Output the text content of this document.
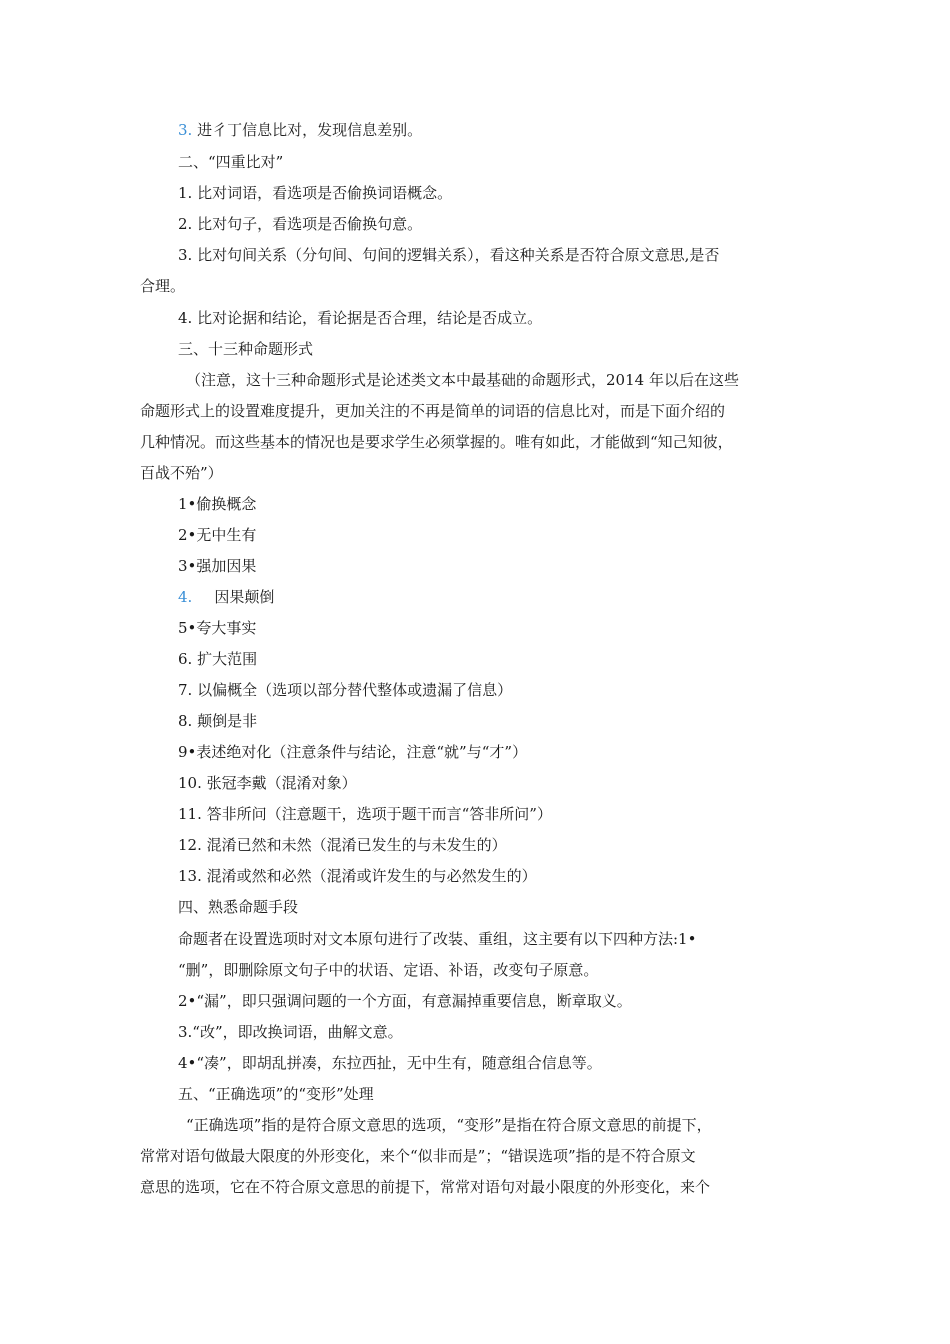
3. 进彳丁信息比对，发现信息差别。
二、“四重比对”
1. 比对词语，看选项是否偷换词语概念。
2. 比对句子，看选项是否偷换句意。
3. 比对句间关系（分句间、句间的逻辑关系），看这种关系是否符合原文意思,是否
合理。
4. 比对论据和结论，看论据是否合理，结论是否成立。
三、十三种命题形式
（注意，这十三种命题形式是论述类文本中最基础的命题形式，2014 年以后在这些
命题形式上的设置难度提升，更加关注的不再是简单的词语的信息比对，而是下面介绍的
几种情况。而这些基本的情况也是要求学生必须掌握的。唯有如此，才能做到“知己知彼，
百战不殆”）
1•偷换概念
2•无中生有
3•强加因果
4. 因果颠倒
5•夸大事实
6. 扩大范围
7. 以偏概全（选项以部分替代整体或遗漏了信息）
8. 颠倒是非
9•表述绝对化（注意条件与结论，注意“就”与“才”）
10. 张冠李戴（混淆对象）
11. 答非所问（注意题干，选项于题干而言“答非所问”）
12. 混淆已然和未然（混淆已发生的与未发生的）
13. 混淆或然和必然（混淆或许发生的与必然发生的）
四、熟悉命题手段
命题者在设置选项时对文本原句进行了改装、重组，这主要有以下四种方法:1•
“删”，即删除原文句子中的状语、定语、补语，改变句子原意。
2•“漏”，即只强调问题的一个方面，有意漏掉重要信息，断章取义。
3.“改”，即改换词语，曲解文意。
4•“凑”，即胡乱拼凑，东拉西扯，无中生有，随意组合信息等。
五、“正确选项”的“变形”处理
“正确选项”指的是符合原文意思的选项，“变形”是指在符合原文意思的前提下，
常常对语句做最大限度的外形变化，来个“似非而是”；“错误选项”指的是不符合原文
意思的选项，它在不符合原文意思的前提下，常常对语句对最小限度的外形变化，来个
